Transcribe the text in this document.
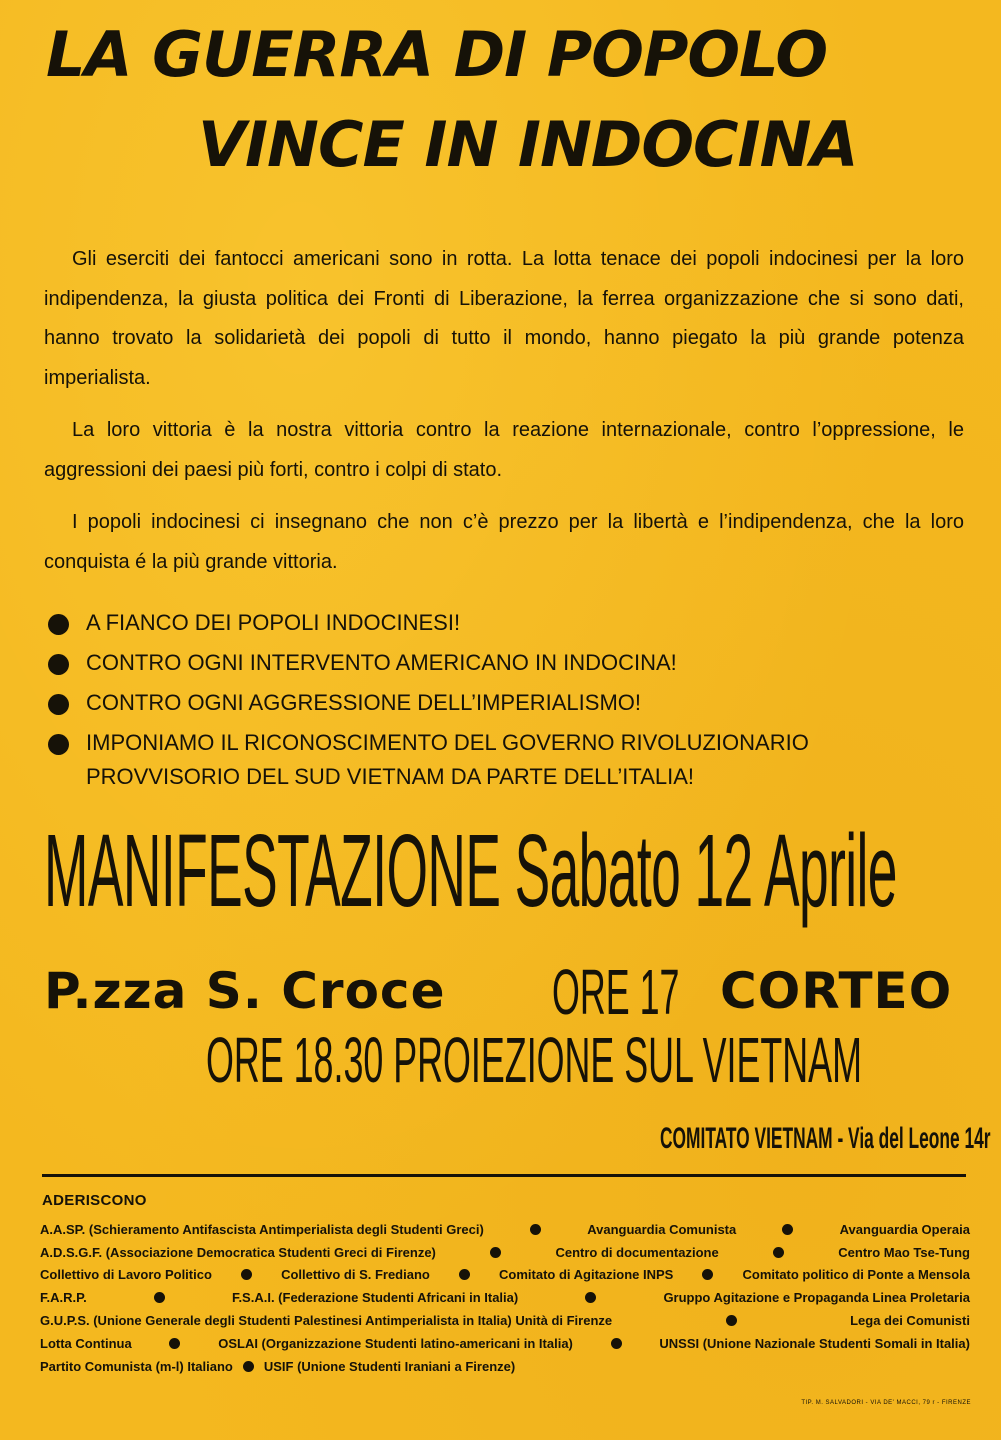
LA GUERRA DI POPOLO
VINCE IN INDOCINA

Gli eserciti dei fantocci americani sono in rotta. La lotta tenace dei popoli indocinesi per la loro indipendenza, la giusta politica dei Fronti di Liberazione, la ferrea organizzazione che si sono dati, hanno trovato la solidarietà dei popoli di tutto il mondo, hanno piegato la più grande potenza imperialista.

La loro vittoria è la nostra vittoria contro la reazione internazionale, contro l’oppressione, le aggressioni dei paesi più forti, contro i colpi di stato.

I popoli indocinesi ci insegnano che non c’è prezzo per la libertà e l’indipendenza, che la loro conquista é la più grande vittoria.

A FIANCO DEI POPOLI INDOCINESI!
CONTRO OGNI INTERVENTO AMERICANO IN INDOCINA!
CONTRO OGNI AGGRESSIONE DELL’IMPERIALISMO!
IMPONIAMO IL RICONOSCIMENTO DEL GOVERNO RIVOLUZIONARIO PROVVISORIO DEL SUD VIETNAM DA PARTE DELL’ITALIA!
MANIFESTAZIONE Sabato 12 Aprile
P.zza S. Croce ORE 17 CORTEO
ORE 18.30 PROIEZIONE SUL VIETNAM
COMITATO VIETNAM - Via del Leone 14r
ADERISCONO
A.A.SP. (Schieramento Antifascista Antimperialista degli Studenti Greci)	Avanguardia Comunista	Avanguardia Operaia
A.D.S.G.F. (Associazione Democratica Studenti Greci di Firenze)	Centro di documentazione	Centro Mao Tse-Tung
Collettivo di Lavoro Politico	Collettivo di S. Frediano	Comitato di Agitazione INPS	Comitato politico di Ponte a Mensola
F.A.R.P.	F.S.A.I. (Federazione Studenti Africani in Italia)	Gruppo Agitazione e Propaganda Linea Proletaria
G.U.P.S. (Unione Generale degli Studenti Palestinesi Antimperialista in Italia) Unità di Firenze	Lega dei Comunisti
Lotta Continua	OSLAI (Organizzazione Studenti latino-americani in Italia)	UNSSI (Unione Nazionale Studenti Somali in Italia)
Partito Comunista (m-l) Italiano USIF (Unione Studenti Iraniani a Firenze)
TIP. M. SALVADORI - VIA DE' MACCI, 79 r - FIRENZE
